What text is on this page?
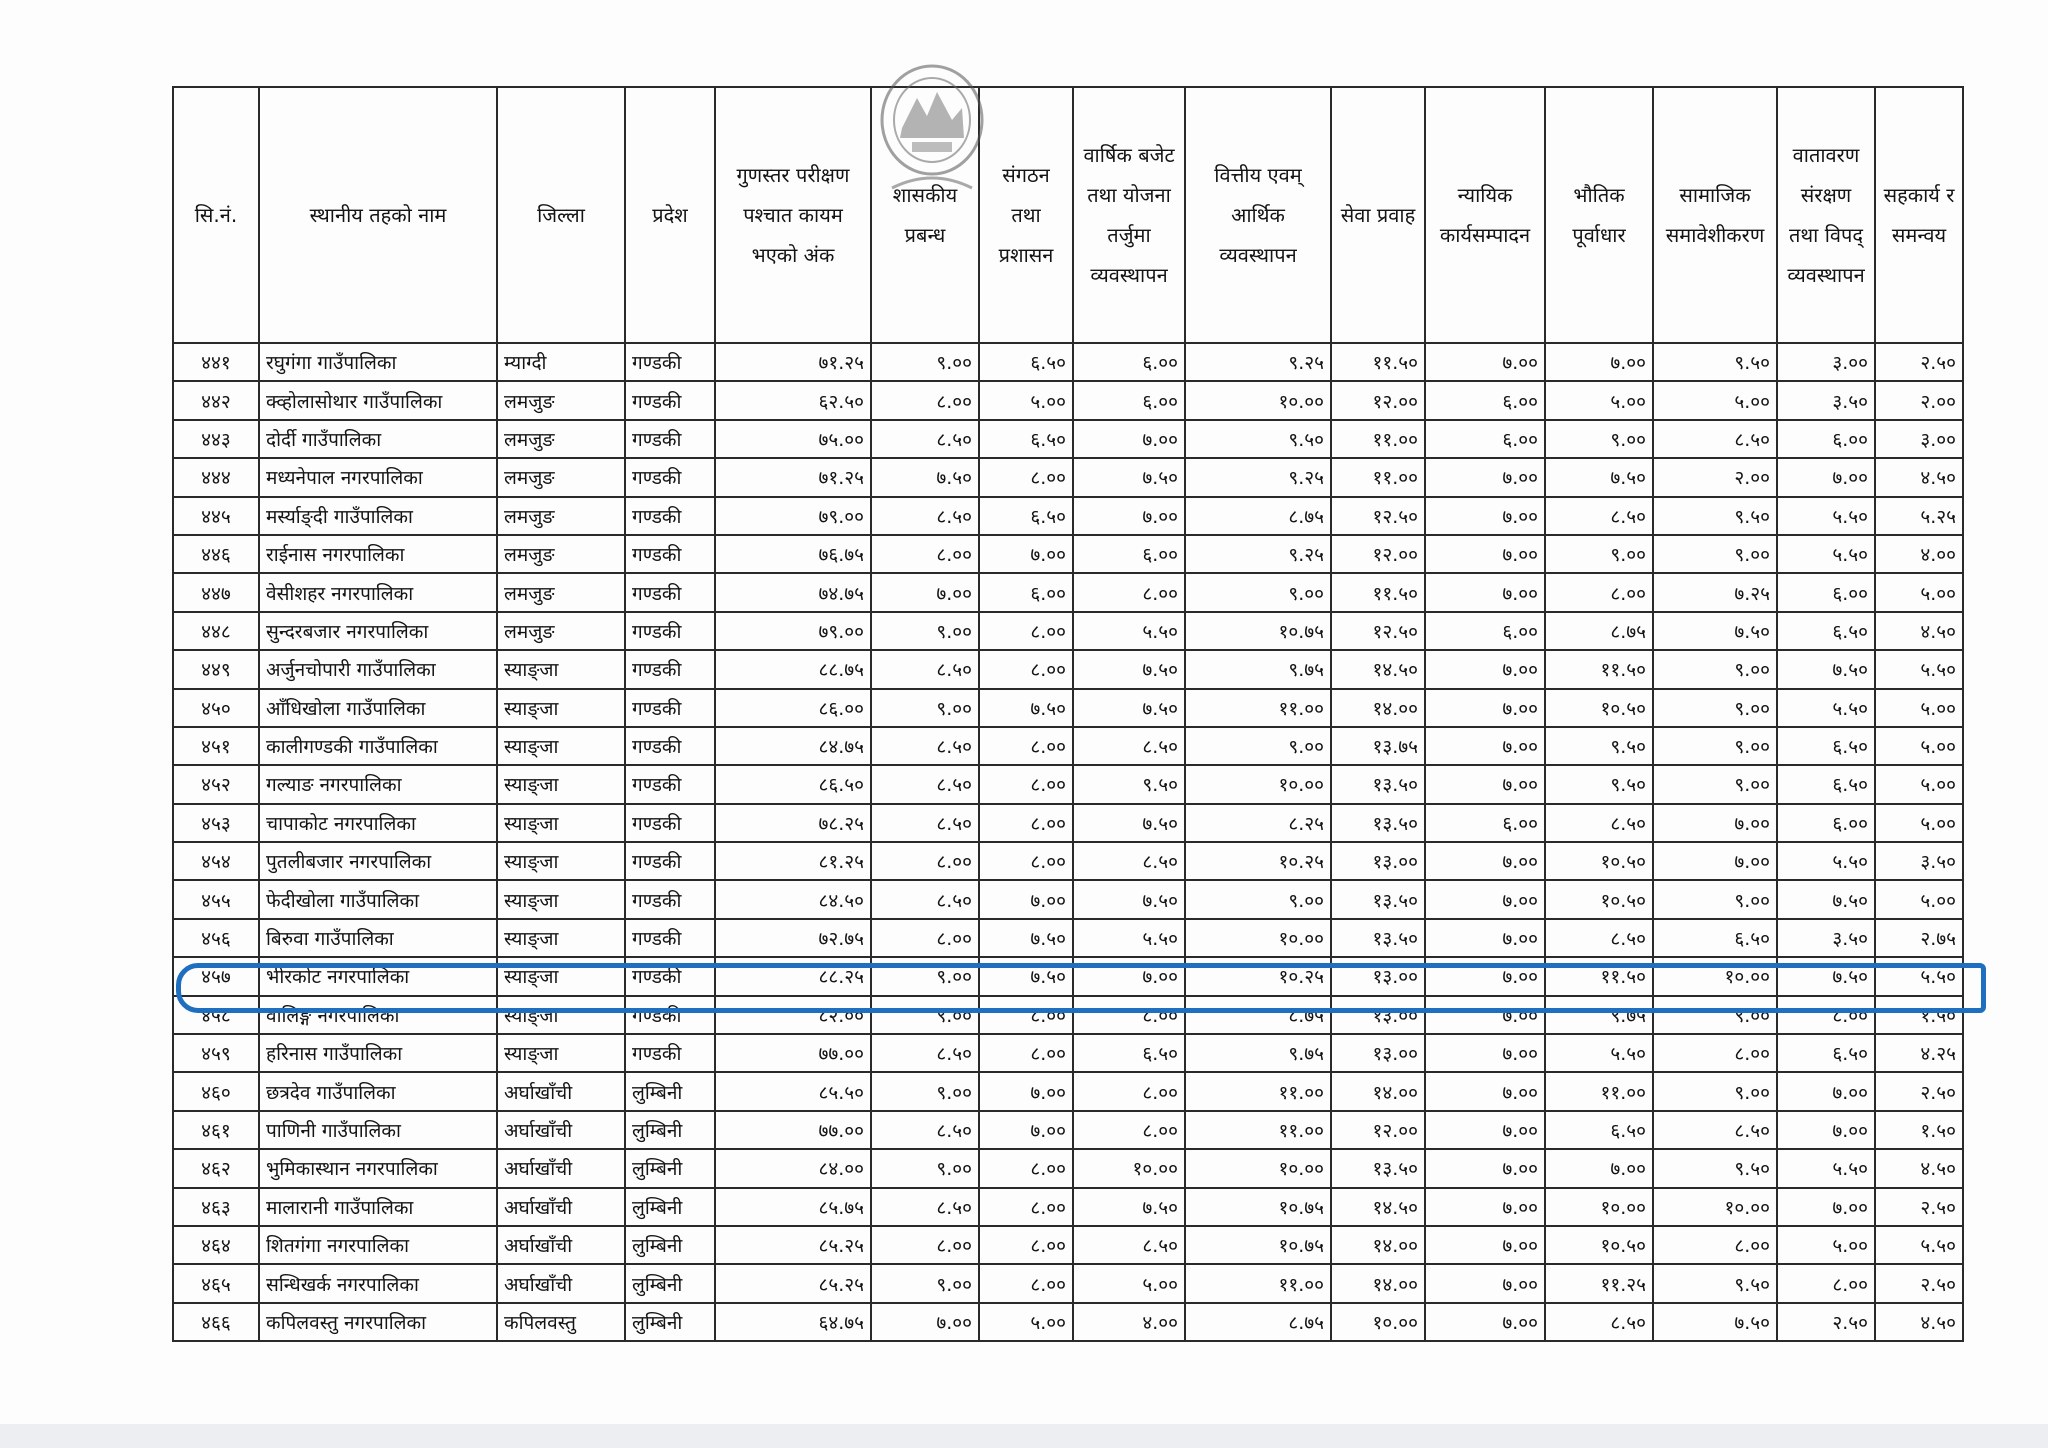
सि.नं.	स्थानीय तहको नाम	जिल्ला	प्रदेश	गुणस्तर परीक्षण पश्चात कायम भएको अंक	शासकीय प्रबन्ध	संगठन तथा प्रशासन	वार्षिक बजेट तथा योजना तर्जुमा व्यवस्थापन	वित्तीय एवम् आर्थिक व्यवस्थापन	सेवा प्रवाह	न्यायिक कार्यसम्पादन	भौतिक पूर्वाधार	सामाजिक समावेशीकरण	वातावरण संरक्षण तथा विपद् व्यवस्थापन	सहकार्य र समन्वय
४४१	रघुगंगा गाउँपालिका	म्याग्दी	गण्डकी	७१.२५	९.००	६.५०	६.००	९.२५	११.५०	७.००	७.००	९.५०	३.००	२.५०
४४२	क्व्होलासोथार गाउँपालिका	लमजुङ	गण्डकी	६२.५०	८.००	५.००	६.००	१०.००	१२.००	६.००	५.००	५.००	३.५०	२.००
४४३	दोर्दी गाउँपालिका	लमजुङ	गण्डकी	७५.००	८.५०	६.५०	७.००	९.५०	११.००	६.००	९.००	८.५०	६.००	३.००
४४४	मध्यनेपाल नगरपालिका	लमजुङ	गण्डकी	७१.२५	७.५०	८.००	७.५०	९.२५	११.००	७.००	७.५०	२.००	७.००	४.५०
४४५	मर्स्याङ्दी गाउँपालिका	लमजुङ	गण्डकी	७९.००	८.५०	६.५०	७.००	८.७५	१२.५०	७.००	८.५०	९.५०	५.५०	५.२५
४४६	राईनास नगरपालिका	लमजुङ	गण्डकी	७६.७५	८.००	७.००	६.००	९.२५	१२.००	७.००	९.००	९.००	५.५०	४.००
४४७	वेसीशहर नगरपालिका	लमजुङ	गण्डकी	७४.७५	७.००	६.००	८.००	९.००	११.५०	७.००	८.००	७.२५	६.००	५.००
४४८	सुन्दरबजार नगरपालिका	लमजुङ	गण्डकी	७९.००	९.००	८.००	५.५०	१०.७५	१२.५०	६.००	८.७५	७.५०	६.५०	४.५०
४४९	अर्जुनचोपारी गाउँपालिका	स्याङ्जा	गण्डकी	८८.७५	८.५०	८.००	७.५०	९.७५	१४.५०	७.००	११.५०	९.००	७.५०	५.५०
४५०	आँधिखोला गाउँपालिका	स्याङ्जा	गण्डकी	८६.००	९.००	७.५०	७.५०	११.००	१४.००	७.००	१०.५०	९.००	५.५०	५.००
४५१	कालीगण्डकी गाउँपालिका	स्याङ्जा	गण्डकी	८४.७५	८.५०	८.००	८.५०	९.००	१३.७५	७.००	९.५०	९.००	६.५०	५.००
४५२	गल्याङ नगरपालिका	स्याङ्जा	गण्डकी	८६.५०	८.५०	८.००	९.५०	१०.००	१३.५०	७.००	९.५०	९.००	६.५०	५.००
४५३	चापाकोट नगरपालिका	स्याङ्जा	गण्डकी	७८.२५	८.५०	८.००	७.५०	८.२५	१३.५०	६.००	८.५०	७.००	६.००	५.००
४५४	पुतलीबजार नगरपालिका	स्याङ्जा	गण्डकी	८१.२५	८.००	८.००	८.५०	१०.२५	१३.००	७.००	१०.५०	७.००	५.५०	३.५०
४५५	फेदीखोला गाउँपालिका	स्याङ्जा	गण्डकी	८४.५०	८.५०	७.००	७.५०	९.००	१३.५०	७.००	१०.५०	९.००	७.५०	५.००
४५६	बिरुवा गाउँपालिका	स्याङ्जा	गण्डकी	७२.७५	८.००	७.५०	५.५०	१०.००	१३.५०	७.००	८.५०	६.५०	३.५०	२.७५
४५७	भीरकोट नगरपालिका	स्याङ्जा	गण्डकी	८८.२५	९.००	७.५०	७.००	१०.२५	१३.००	७.००	११.५०	१०.००	७.५०	५.५०
४५८	वालिङ्ग नगरपालिका	स्याङ्जा	गण्डकी	८२.००	९.००	८.००	८.००	८.७५	१३.००	७.००	९.७५	९.००	८.००	१.५०
४५९	हरिनास गाउँपालिका	स्याङ्जा	गण्डकी	७७.००	८.५०	८.००	६.५०	९.७५	१३.००	७.००	५.५०	८.००	६.५०	४.२५
४६०	छत्रदेव गाउँपालिका	अर्घाखाँची	लुम्बिनी	८५.५०	९.००	७.००	८.००	११.००	१४.००	७.००	११.००	९.००	७.००	२.५०
४६१	पाणिनी गाउँपालिका	अर्घाखाँची	लुम्बिनी	७७.००	८.५०	७.००	८.००	११.००	१२.००	७.००	६.५०	८.५०	७.००	१.५०
४६२	भुमिकास्थान नगरपालिका	अर्घाखाँची	लुम्बिनी	८४.००	९.००	८.००	१०.००	१०.००	१३.५०	७.००	७.००	९.५०	५.५०	४.५०
४६३	मालारानी गाउँपालिका	अर्घाखाँची	लुम्बिनी	८५.७५	८.५०	८.००	७.५०	१०.७५	१४.५०	७.००	१०.००	१०.००	७.००	२.५०
४६४	शितगंगा नगरपालिका	अर्घाखाँची	लुम्बिनी	८५.२५	८.००	८.००	८.५०	१०.७५	१४.००	७.००	१०.५०	८.००	५.००	५.५०
४६५	सन्धिखर्क नगरपालिका	अर्घाखाँची	लुम्बिनी	८५.२५	९.००	८.००	५.००	११.००	१४.००	७.००	११.२५	९.५०	८.००	२.५०
४६६	कपिलवस्तु नगरपालिका	कपिलवस्तु	लुम्बिनी	६४.७५	७.००	५.००	४.००	८.७५	१०.००	७.००	८.५०	७.५०	२.५०	४.५०
